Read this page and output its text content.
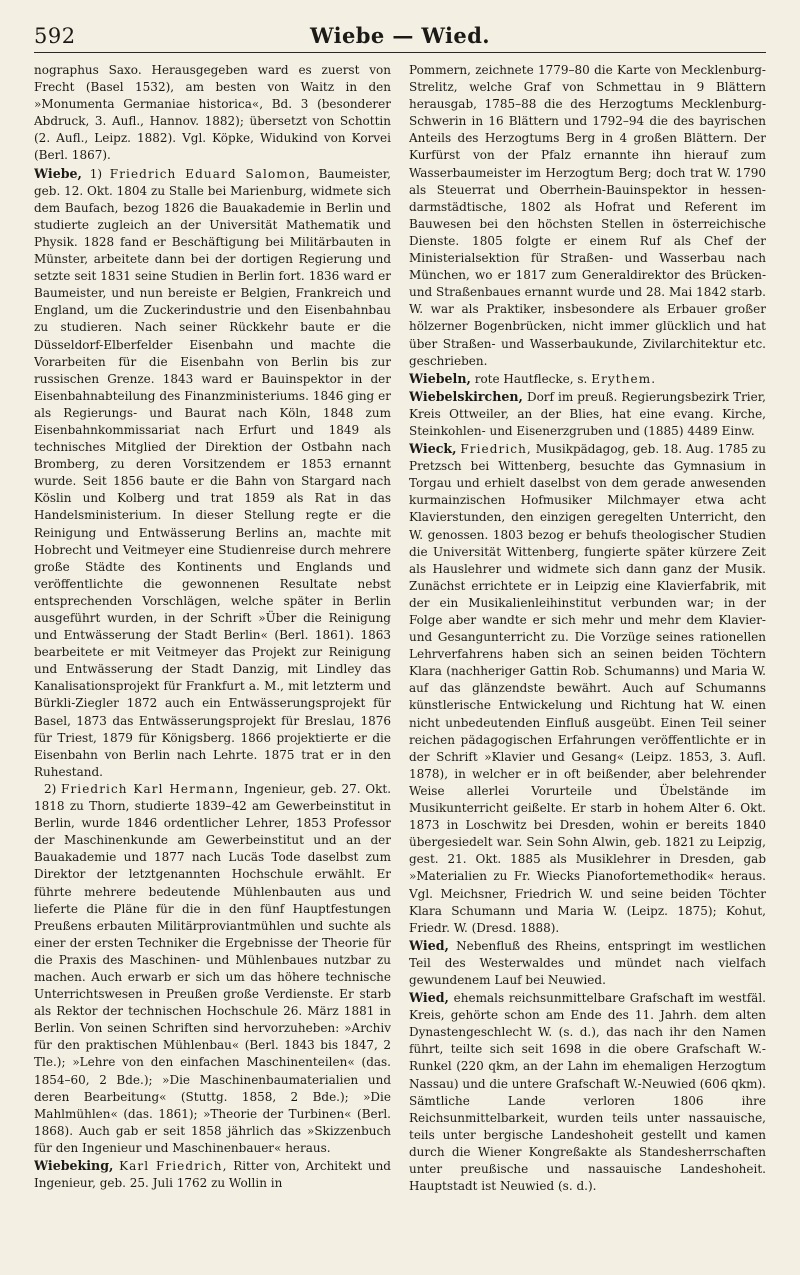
592	Wiebe — Wied.

nographus Saxo. Herausgegeben ward es zuerst von Frecht (Basel 1532), am besten von Waitz in den »Monumenta Germaniae historica«, Bd. 3 (besonderer Abdruck, 3. Aufl., Hannov. 1882); übersetzt von Schottin (2. Aufl., Leipz. 1882). Vgl. Köpke, Widukind von Korvei (Berl. 1867).

Wiebe, 1) Friedrich Eduard Salomon, Baumeister, geb. 12. Okt. 1804 zu Stalle bei Marienburg, widmete sich dem Baufach, bezog 1826 die Bauakademie in Berlin und studierte zugleich an der Universität Mathematik und Physik. 1828 fand er Beschäftigung bei Militärbauten in Münster, arbeitete dann bei der dortigen Regierung und setzte seit 1831 seine Studien in Berlin fort. 1836 ward er Baumeister, und nun bereiste er Belgien, Frankreich und England, um die Zuckerindustrie und den Eisenbahnbau zu studieren. Nach seiner Rückkehr baute er die Düsseldorf-Elberfelder Eisenbahn und machte die Vorarbeiten für die Eisenbahn von Berlin bis zur russischen Grenze. 1843 ward er Bauinspektor in der Eisenbahnabteilung des Finanzministeriums. 1846 ging er als Regierungs- und Baurat nach Köln, 1848 zum Eisenbahnkommissariat nach Erfurt und 1849 als technisches Mitglied der Direktion der Ostbahn nach Bromberg, zu deren Vorsitzendem er 1853 ernannt wurde. Seit 1856 baute er die Bahn von Stargard nach Köslin und Kolberg und trat 1859 als Rat in das Handelsministerium. In dieser Stellung regte er die Reinigung und Entwässerung Berlins an, machte mit Hobrecht und Veitmeyer eine Studienreise durch mehrere große Städte des Kontinents und Englands und veröffentlichte die gewonnenen Resultate nebst entsprechenden Vorschlägen, welche später in Berlin ausgeführt wurden, in der Schrift »Über die Reinigung und Entwässerung der Stadt Berlin« (Berl. 1861). 1863 bearbeitete er mit Veitmeyer das Projekt zur Reinigung und Entwässerung der Stadt Danzig, mit Lindley das Kanalisationsprojekt für Frankfurt a. M., mit letzterm und Bürkli-Ziegler 1872 auch ein Entwässerungsprojekt für Basel, 1873 das Entwässerungsprojekt für Breslau, 1876 für Triest, 1879 für Königsberg. 1866 projektierte er die Eisenbahn von Berlin nach Lehrte. 1875 trat er in den Ruhestand.

2) Friedrich Karl Hermann, Ingenieur, geb. 27. Okt. 1818 zu Thorn, studierte 1839–42 am Gewerbeinstitut in Berlin, wurde 1846 ordentlicher Lehrer, 1853 Professor der Maschinenkunde am Gewerbeinstitut und an der Bauakademie und 1877 nach Lucäs Tode daselbst zum Direktor der letztgenannten Hochschule erwählt. Er führte mehrere bedeutende Mühlenbauten aus und lieferte die Pläne für die in den fünf Hauptfestungen Preußens erbauten Militärproviantmühlen und suchte als einer der ersten Techniker die Ergebnisse der Theorie für die Praxis des Maschinen- und Mühlenbaues nutzbar zu machen. Auch erwarb er sich um das höhere technische Unterrichtswesen in Preußen große Verdienste. Er starb als Rektor der technischen Hochschule 26. März 1881 in Berlin. Von seinen Schriften sind hervorzuheben: »Archiv für den praktischen Mühlenbau« (Berl. 1843 bis 1847, 2 Tle.); »Lehre von den einfachen Maschinenteilen« (das. 1854–60, 2 Bde.); »Die Maschinenbaumaterialien und deren Bearbeitung« (Stuttg. 1858, 2 Bde.); »Die Mahlmühlen« (das. 1861); »Theorie der Turbinen« (Berl. 1868). Auch gab er seit 1858 jährlich das »Skizzenbuch für den Ingenieur und Maschinenbauer« heraus.

Wiebeking, Karl Friedrich, Ritter von, Architekt und Ingenieur, geb. 25. Juli 1762 zu Wollin in

Pommern, zeichnete 1779–80 die Karte von Mecklenburg-Strelitz, welche Graf von Schmettau in 9 Blättern herausgab, 1785–88 die des Herzogtums Mecklenburg-Schwerin in 16 Blättern und 1792–94 die des bayrischen Anteils des Herzogtums Berg in 4 großen Blättern. Der Kurfürst von der Pfalz ernannte ihn hierauf zum Wasserbaumeister im Herzogtum Berg; doch trat W. 1790 als Steuerrat und Oberrhein-Bauinspektor in hessen-darmstädtische, 1802 als Hofrat und Referent im Bauwesen bei den höchsten Stellen in österreichische Dienste. 1805 folgte er einem Ruf als Chef der Ministerialsektion für Straßen- und Wasserbau nach München, wo er 1817 zum Generaldirektor des Brücken- und Straßenbaues ernannt wurde und 28. Mai 1842 starb. W. war als Praktiker, insbesondere als Erbauer großer hölzerner Bogenbrücken, nicht immer glücklich und hat über Straßen- und Wasserbaukunde, Zivilarchitektur etc. geschrieben.

Wiebeln, rote Hautflecke, s. Erythem.

Wiebelskirchen, Dorf im preuß. Regierungsbezirk Trier, Kreis Ottweiler, an der Blies, hat eine evang. Kirche, Steinkohlen- und Eisenerzgruben und (1885) 4489 Einw.

Wieck, Friedrich, Musikpädagog, geb. 18. Aug. 1785 zu Pretzsch bei Wittenberg, besuchte das Gymnasium in Torgau und erhielt daselbst von dem gerade anwesenden kurmainzischen Hofmusiker Milchmayer etwa acht Klavierstunden, den einzigen geregelten Unterricht, den W. genossen. 1803 bezog er behufs theologischer Studien die Universität Wittenberg, fungierte später kürzere Zeit als Hauslehrer und widmete sich dann ganz der Musik. Zunächst errichtete er in Leipzig eine Klavierfabrik, mit der ein Musikalienleihinstitut verbunden war; in der Folge aber wandte er sich mehr und mehr dem Klavier- und Gesangunterricht zu. Die Vorzüge seines rationellen Lehrverfahrens haben sich an seinen beiden Töchtern Klara (nachheriger Gattin Rob. Schumanns) und Maria W. auf das glänzendste bewährt. Auch auf Schumanns künstlerische Entwickelung und Richtung hat W. einen nicht unbedeutenden Einfluß ausgeübt. Einen Teil seiner reichen pädagogischen Erfahrungen veröffentlichte er in der Schrift »Klavier und Gesang« (Leipz. 1853, 3. Aufl. 1878), in welcher er in oft beißender, aber belehrender Weise allerlei Vorurteile und Übelstände im Musikunterricht geißelte. Er starb in hohem Alter 6. Okt. 1873 in Loschwitz bei Dresden, wohin er bereits 1840 übergesiedelt war. Sein Sohn Alwin, geb. 1821 zu Leipzig, gest. 21. Okt. 1885 als Musiklehrer in Dresden, gab »Materialien zu Fr. Wiecks Pianofortemethodik« heraus. Vgl. Meichsner, Friedrich W. und seine beiden Töchter Klara Schumann und Maria W. (Leipz. 1875); Kohut, Friedr. W. (Dresd. 1888).

Wied, Nebenfluß des Rheins, entspringt im westlichen Teil des Westerwaldes und mündet nach vielfach gewundenem Lauf bei Neuwied.

Wied, ehemals reichsunmittelbare Grafschaft im westfäl. Kreis, gehörte schon am Ende des 11. Jahrh. dem alten Dynastengeschlecht W. (s. d.), das nach ihr den Namen führt, teilte sich seit 1698 in die obere Grafschaft W.-Runkel (220 qkm, an der Lahn im ehemaligen Herzogtum Nassau) und die untere Grafschaft W.-Neuwied (606 qkm). Sämtliche Lande verloren 1806 ihre Reichsunmittelbarkeit, wurden teils unter nassauische, teils unter bergische Landeshoheit gestellt und kamen durch die Wiener Kongreßakte als Standesherrschaften unter preußische und nassauische Landeshoheit. Hauptstadt ist Neuwied (s. d.).
